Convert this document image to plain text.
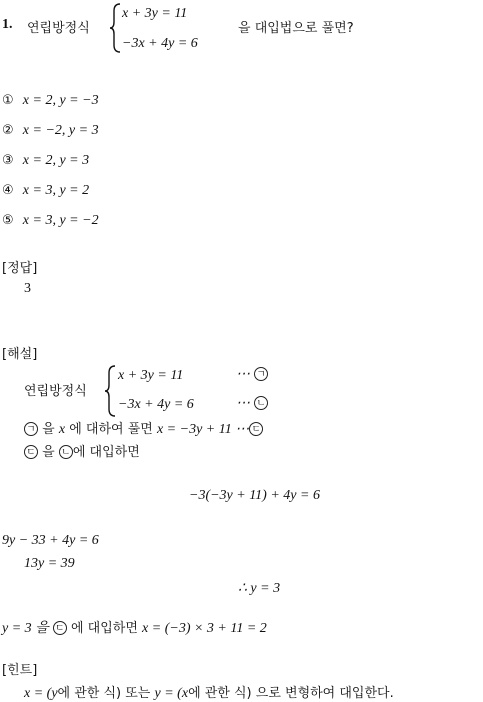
1. 연립방정식
x + 3y = 11
−3x + 4y = 6
을 대입법으로 풀면?
① x = 2, y = −3
② x = −2, y = 3
③ x = 2, y = 3
④ x = 3, y = 2
⑤ x = 3, y = −2
[정답]
3
[해설]
연립방정식
x + 3y = 11	⋯ ㄱ
−3x + 4y = 6	⋯ ㄴ
ㄱ 을 x 에 대하여 풀면 x = −3y + 11 ⋯ ㄷ
ㄷ 을 ㄴ 에 대입하면
−3(−3y + 11) + 4y = 6
9y − 33 + 4y = 6
13y = 39
∴ y = 3
y = 3 을 ㄷ 에 대입하면 x = (−3) × 3 + 11 = 2
[힌트]
x = (y에 관한 식) 또는 y = (x에 관한 식) 으로 변형하여 대입한다.
